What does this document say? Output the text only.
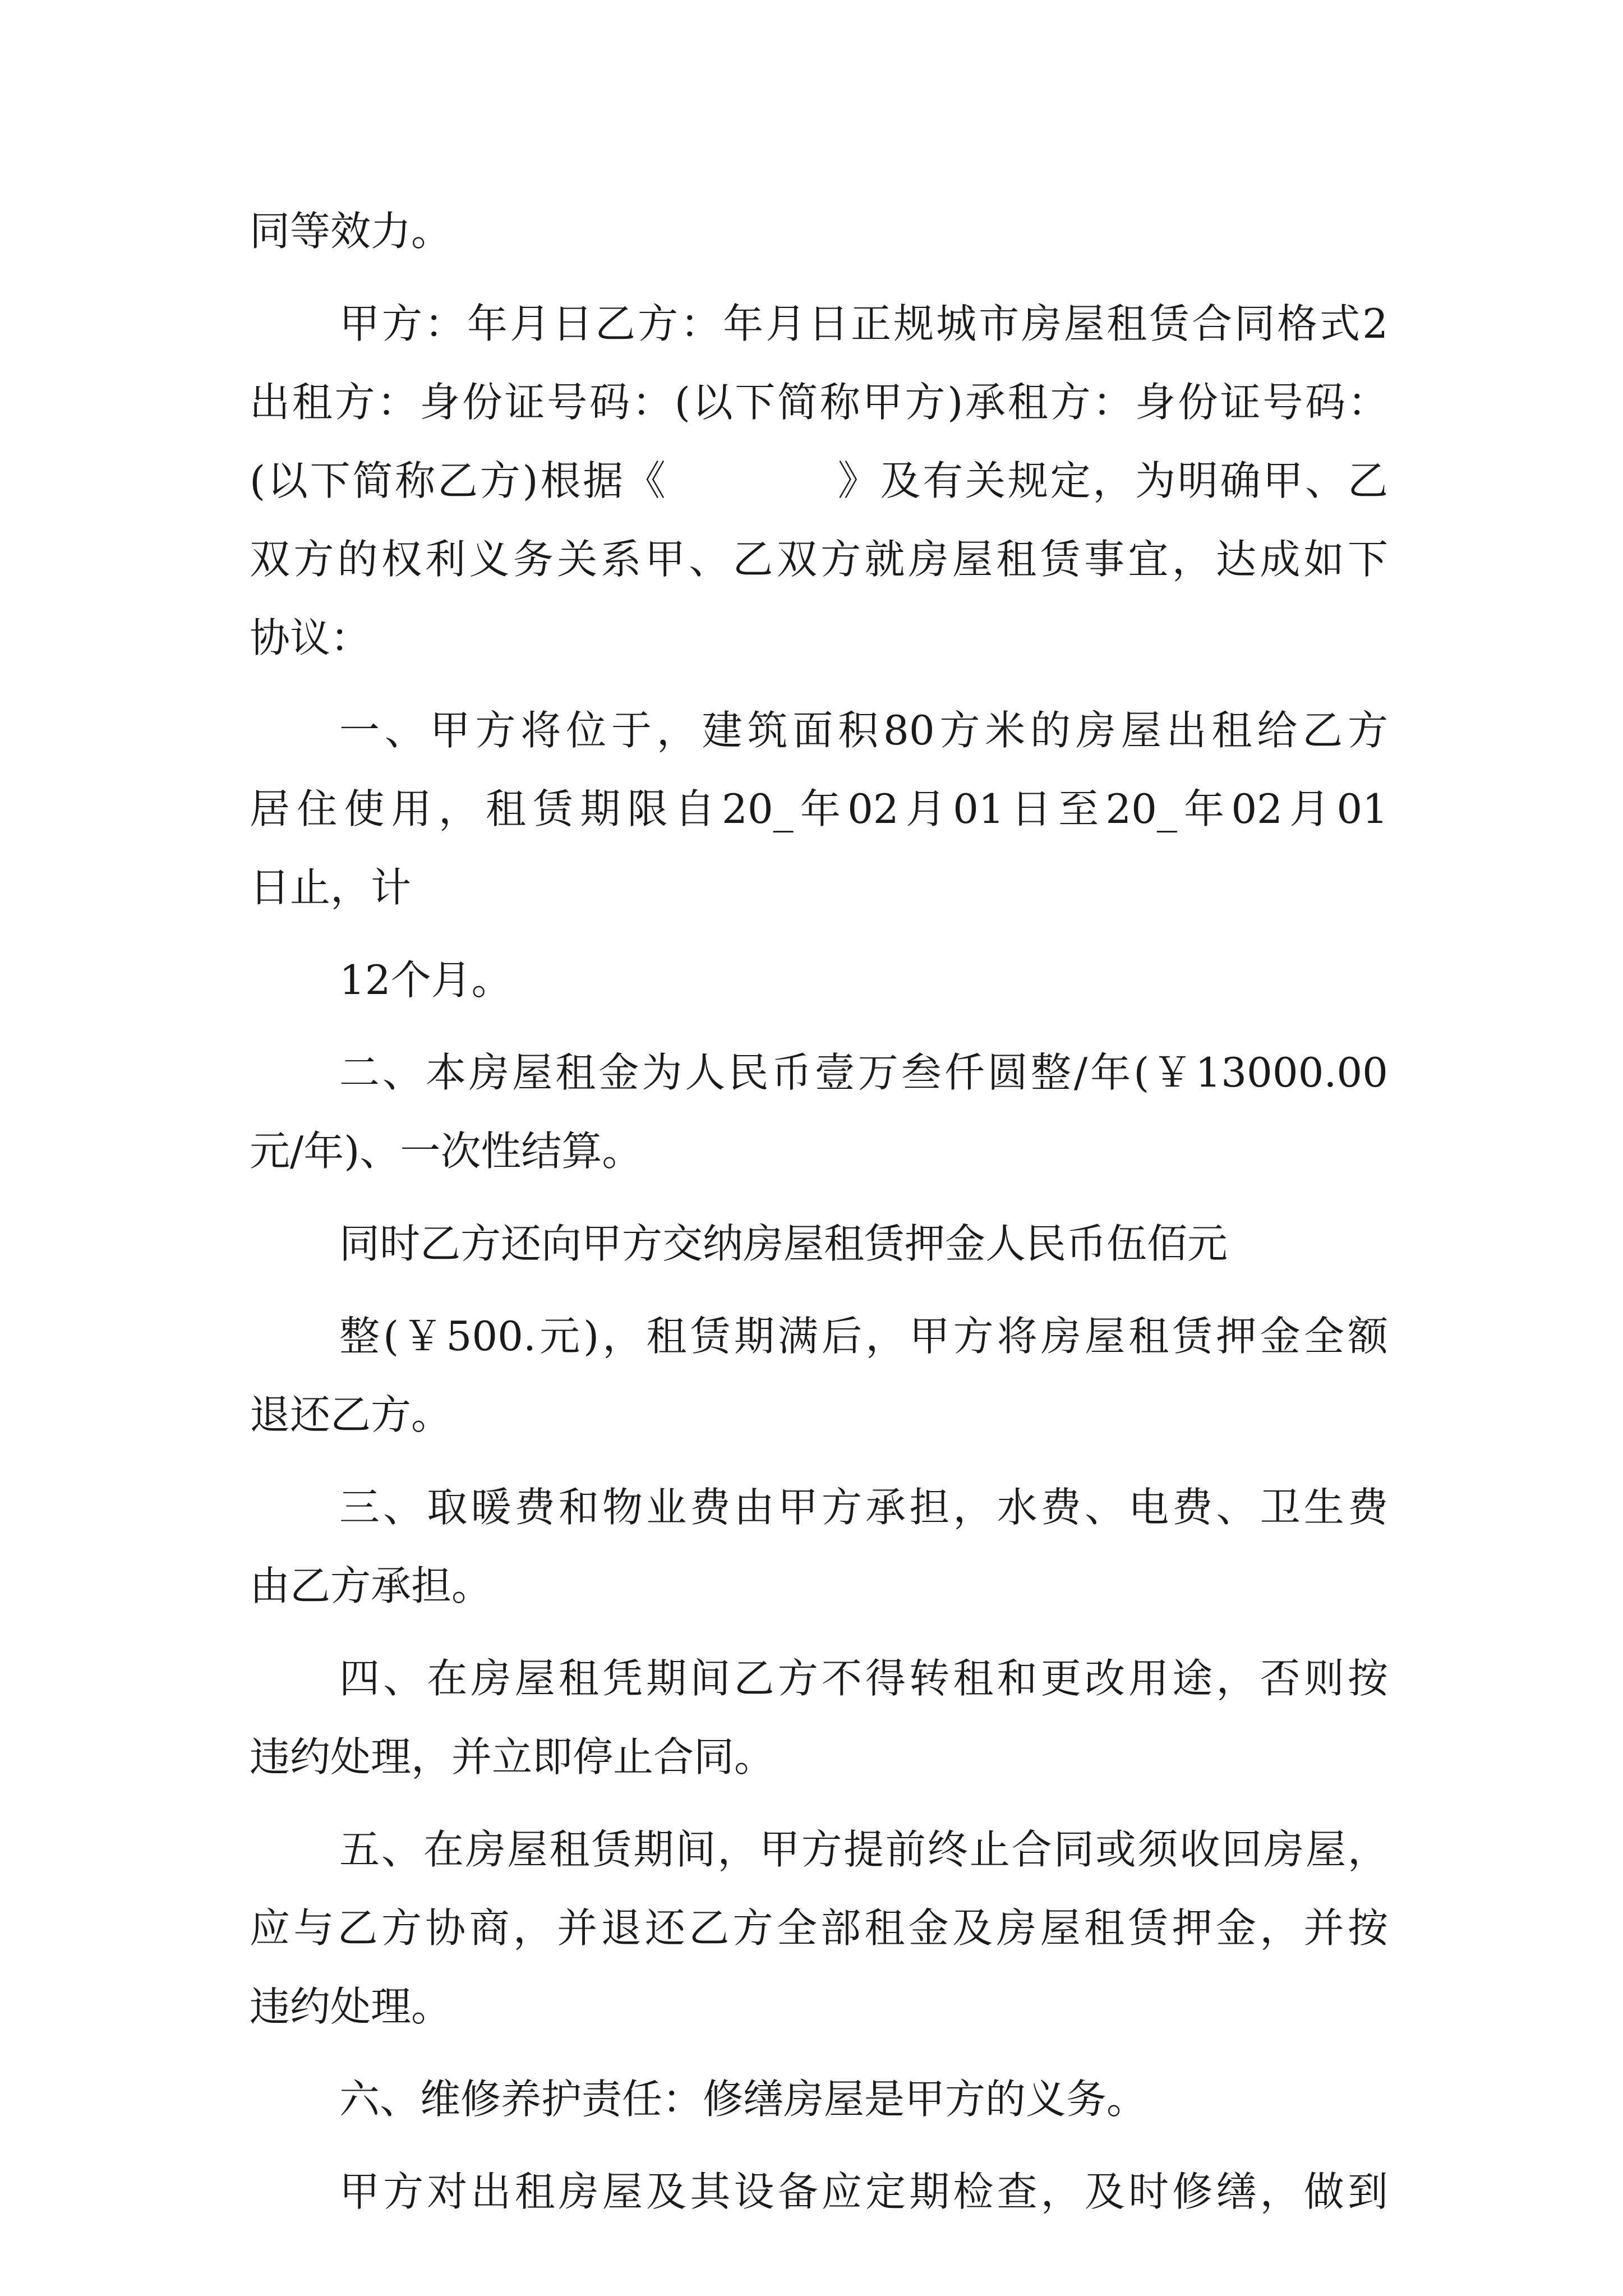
同等效力。
甲方：年月日乙方：年月日正规城市房屋租赁合同格式2
出租方：身份证号码：(以下简称甲方)承租方：身份证号码：
(以下简称乙方)根据《　　　　》及有关规定，为明确甲、乙
双方的权利义务关系甲、乙双方就房屋租赁事宜，达成如下
协议：
一、甲方将位于，建筑面积80方米的房屋出租给乙方
居住使用，租赁期限自20_年02月01日至20_年02月01
日止，计
12个月。
二、本房屋租金为人民币壹万叁仟圆整/年(￥13000.00
元/年)、一次性结算。
同时乙方还向甲方交纳房屋租赁押金人民币伍佰元
整(￥500.元)，租赁期满后，甲方将房屋租赁押金全额
退还乙方。
三、取暖费和物业费由甲方承担，水费、电费、卫生费
由乙方承担。
四、在房屋租凭期间乙方不得转租和更改用途，否则按
违约处理，并立即停止合同。
五、在房屋租赁期间，甲方提前终止合同或须收回房屋，
应与乙方协商，并退还乙方全部租金及房屋租赁押金，并按
违约处理。
六、维修养护责任：修缮房屋是甲方的义务。
甲方对出租房屋及其设备应定期检查，及时修缮，做到
